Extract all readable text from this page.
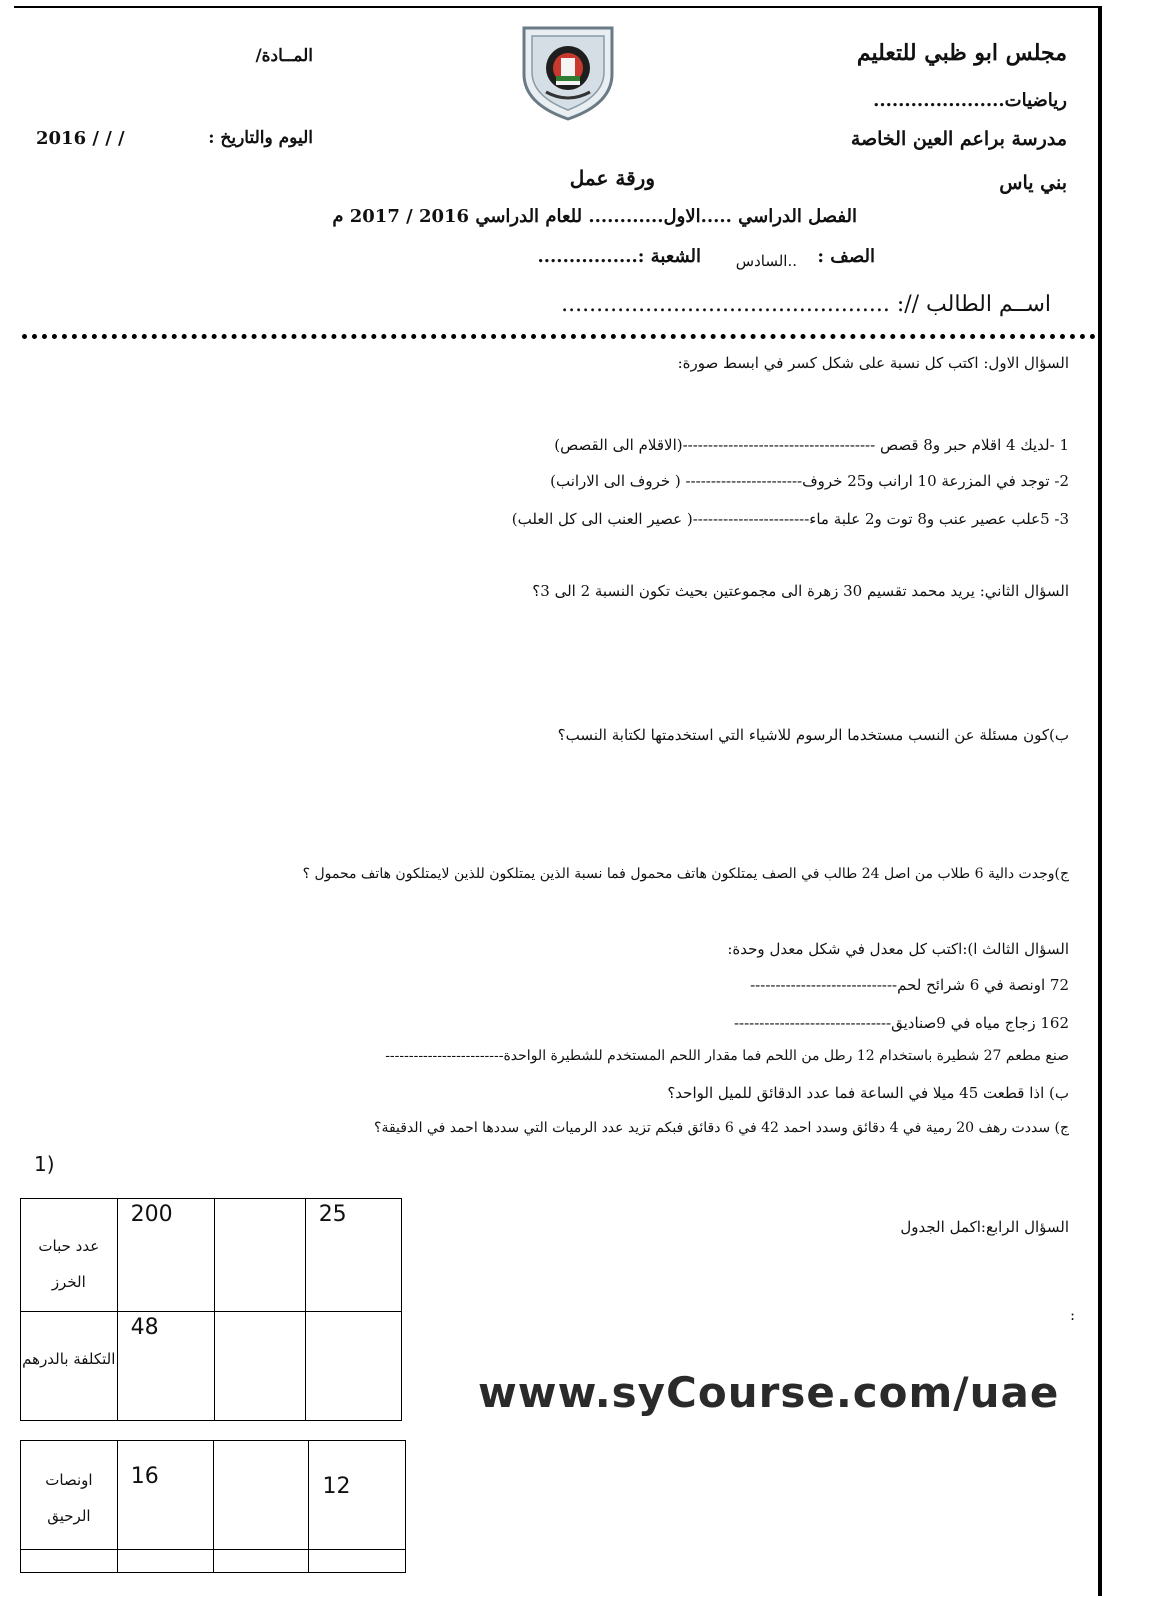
مجلس ابو ظبي للتعليم
رياضيات.....................
مدرسة براعم العين الخاصة
بني ياس
المــادة/
اليوم والتاريخ :
2016 / / /
ورقة عمل
الفصل الدراسي .....الاول............ للعام الدراسي 2016 / 2017 م
الصف :
..السادس
الشعبة :................
اســم الطالب //: ...............................................
السؤال الاول: اكتب كل نسبة على شكل كسر في ابسط صورة:
1 -لديك 4 اقلام حبر و8 قصص --------------------------------------(الاقلام الى القصص)
2- توجد في المزرعة 10 ارانب و25 خروف----------------------- ( خروف الى الارانب)
3- 5علب عصير عنب و8 توت و2 علبة ماء-----------------------( عصير العنب الى كل العلب)
السؤال الثاني: يريد محمد تقسيم 30 زهرة الى مجموعتين بحيث تكون النسبة 2 الى 3؟
ب)كون مسئلة عن النسب مستخدما الرسوم للاشياء التي استخدمتها لكتابة النسب؟
ج)وجدت دالية 6 طلاب من اصل 24 طالب في الصف يمتلكون هاتف محمول فما نسبة الذين يمتلكون للذين لايمتلكون هاتف محمول ؟
السؤال الثالث ا):اكتب كل معدل في شكل معدل وحدة:
72 اونصة في 6 شرائح لحم-----------------------------
162 زجاج مياه في 9صناديق-------------------------------
صنع مطعم 27 شطيرة باستخدام 12 رطل من اللحم فما مقدار اللحم المستخدم للشطيرة الواحدة-------------------------
ب) اذا قطعت 45 ميلا في الساعة فما عدد الدقائق للميل الواحد؟
ج) سددت رهف 20 رمية في 4 دقائق وسدد احمد 42 في 6 دقائق فبكم تزيد عدد الرميات التي سددها احمد في الدقيقة؟
(1
السؤال الرابع:اكمل الجدول
:
عدد حبات الخرز	200		25

التكلفة بالدرهم	48		

اونصات الرحيق	16		12

www.syCourse.com/uae
